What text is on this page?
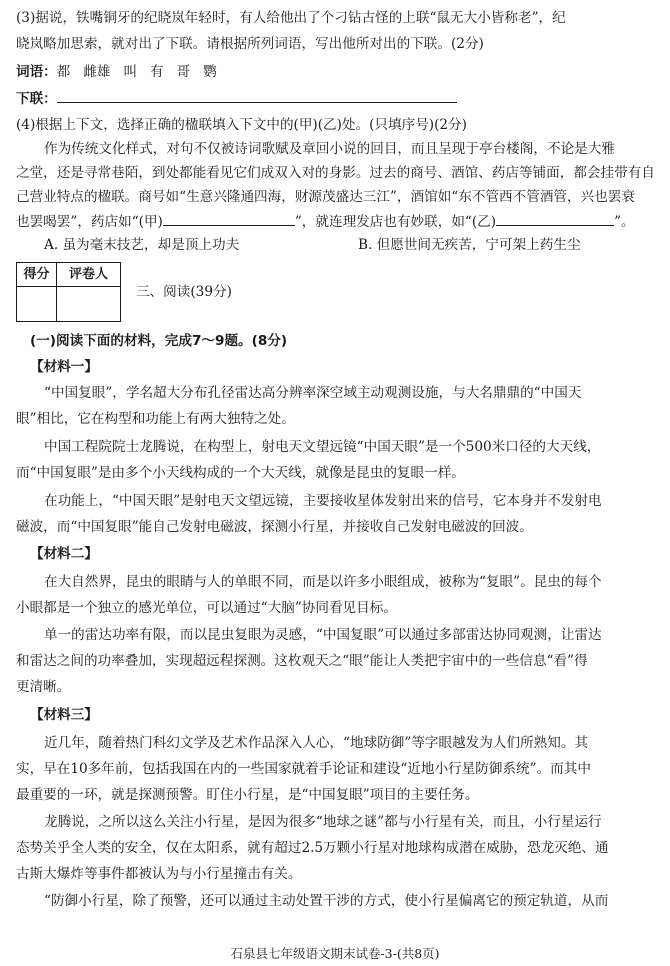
(3)据说，铁嘴铜牙的纪晓岚年轻时，有人给他出了个刁钻古怪的上联“鼠无大小皆称老”，纪
晓岚略加思索，就对出了下联。请根据所列词语，写出他所对出的下联。(2分)
词语：都   雌雄   叫   有   哥   鹦
下联：
(4)根据上下文，选择正确的楹联填入下文中的(甲)(乙)处。(只填序号)(2分)
作为传统文化样式，对句不仅被诗词歌赋及章回小说的回目，而且呈现于亭台楼阁，不论是大雅
之堂，还是寻常巷陌，到处都能看见它们成双入对的身影。过去的商号、酒馆、药店等铺面，都会挂带有自
己营业特点的楹联。商号如“生意兴隆通四海，财源茂盛达三江”，酒馆如“东不管西不管酒管，兴也罢衰
也罢喝罢”，药店如“(甲)	”，就连理发店也有妙联，如“(乙)	”。
A. 虽为毫末技艺，却是顶上功夫	B. 但愿世间无疾苦，宁可架上药生尘
得分	评卷人
三、阅读(39分)
(一)阅读下面的材料，完成7～9题。(8分)
【材料一】
“中国复眼”，学名超大分布孔径雷达高分辨率深空域主动观测设施，与大名鼎鼎的“中国天
眼”相比，它在构型和功能上有两大独特之处。
中国工程院院士龙腾说，在构型上，射电天文望远镜“中国天眼”是一个500米口径的大天线，
而“中国复眼”是由多个小天线构成的一个大天线，就像是昆虫的复眼一样。
在功能上，“中国天眼”是射电天文望远镜，主要接收星体发射出来的信号，它本身并不发射电
磁波，而“中国复眼”能自己发射电磁波，探测小行星，并接收自己发射电磁波的回波。
【材料二】
在大自然界，昆虫的眼睛与人的单眼不同，而是以许多小眼组成，被称为“复眼”。昆虫的每个
小眼都是一个独立的感光单位，可以通过“大脑”协同看见目标。
单一的雷达功率有限，而以昆虫复眼为灵感，“中国复眼”可以通过多部雷达协同观测，让雷达
和雷达之间的功率叠加，实现超远程探测。这枚观天之“眼”能让人类把宇宙中的一些信息“看”得
更清晰。
【材料三】
近几年，随着热门科幻文学及艺术作品深入人心，“地球防御”等字眼越发为人们所熟知。其
实，早在10多年前，包括我国在内的一些国家就着手论证和建设“近地小行星防御系统”。而其中
最重要的一环，就是探测预警。盯住小行星，是“中国复眼”项目的主要任务。
龙腾说，之所以这么关注小行星，是因为很多“地球之谜”都与小行星有关，而且，小行星运行
态势关乎全人类的安全，仅在太阳系，就有超过2.5万颗小行星对地球构成潜在威胁，恐龙灭绝、通
古斯大爆炸等事件都被认为与小行星撞击有关。
“防御小行星，除了预警，还可以通过主动处置干涉的方式，使小行星偏离它的预定轨道，从而
石泉县七年级语文期末试卷-3-(共8页)
